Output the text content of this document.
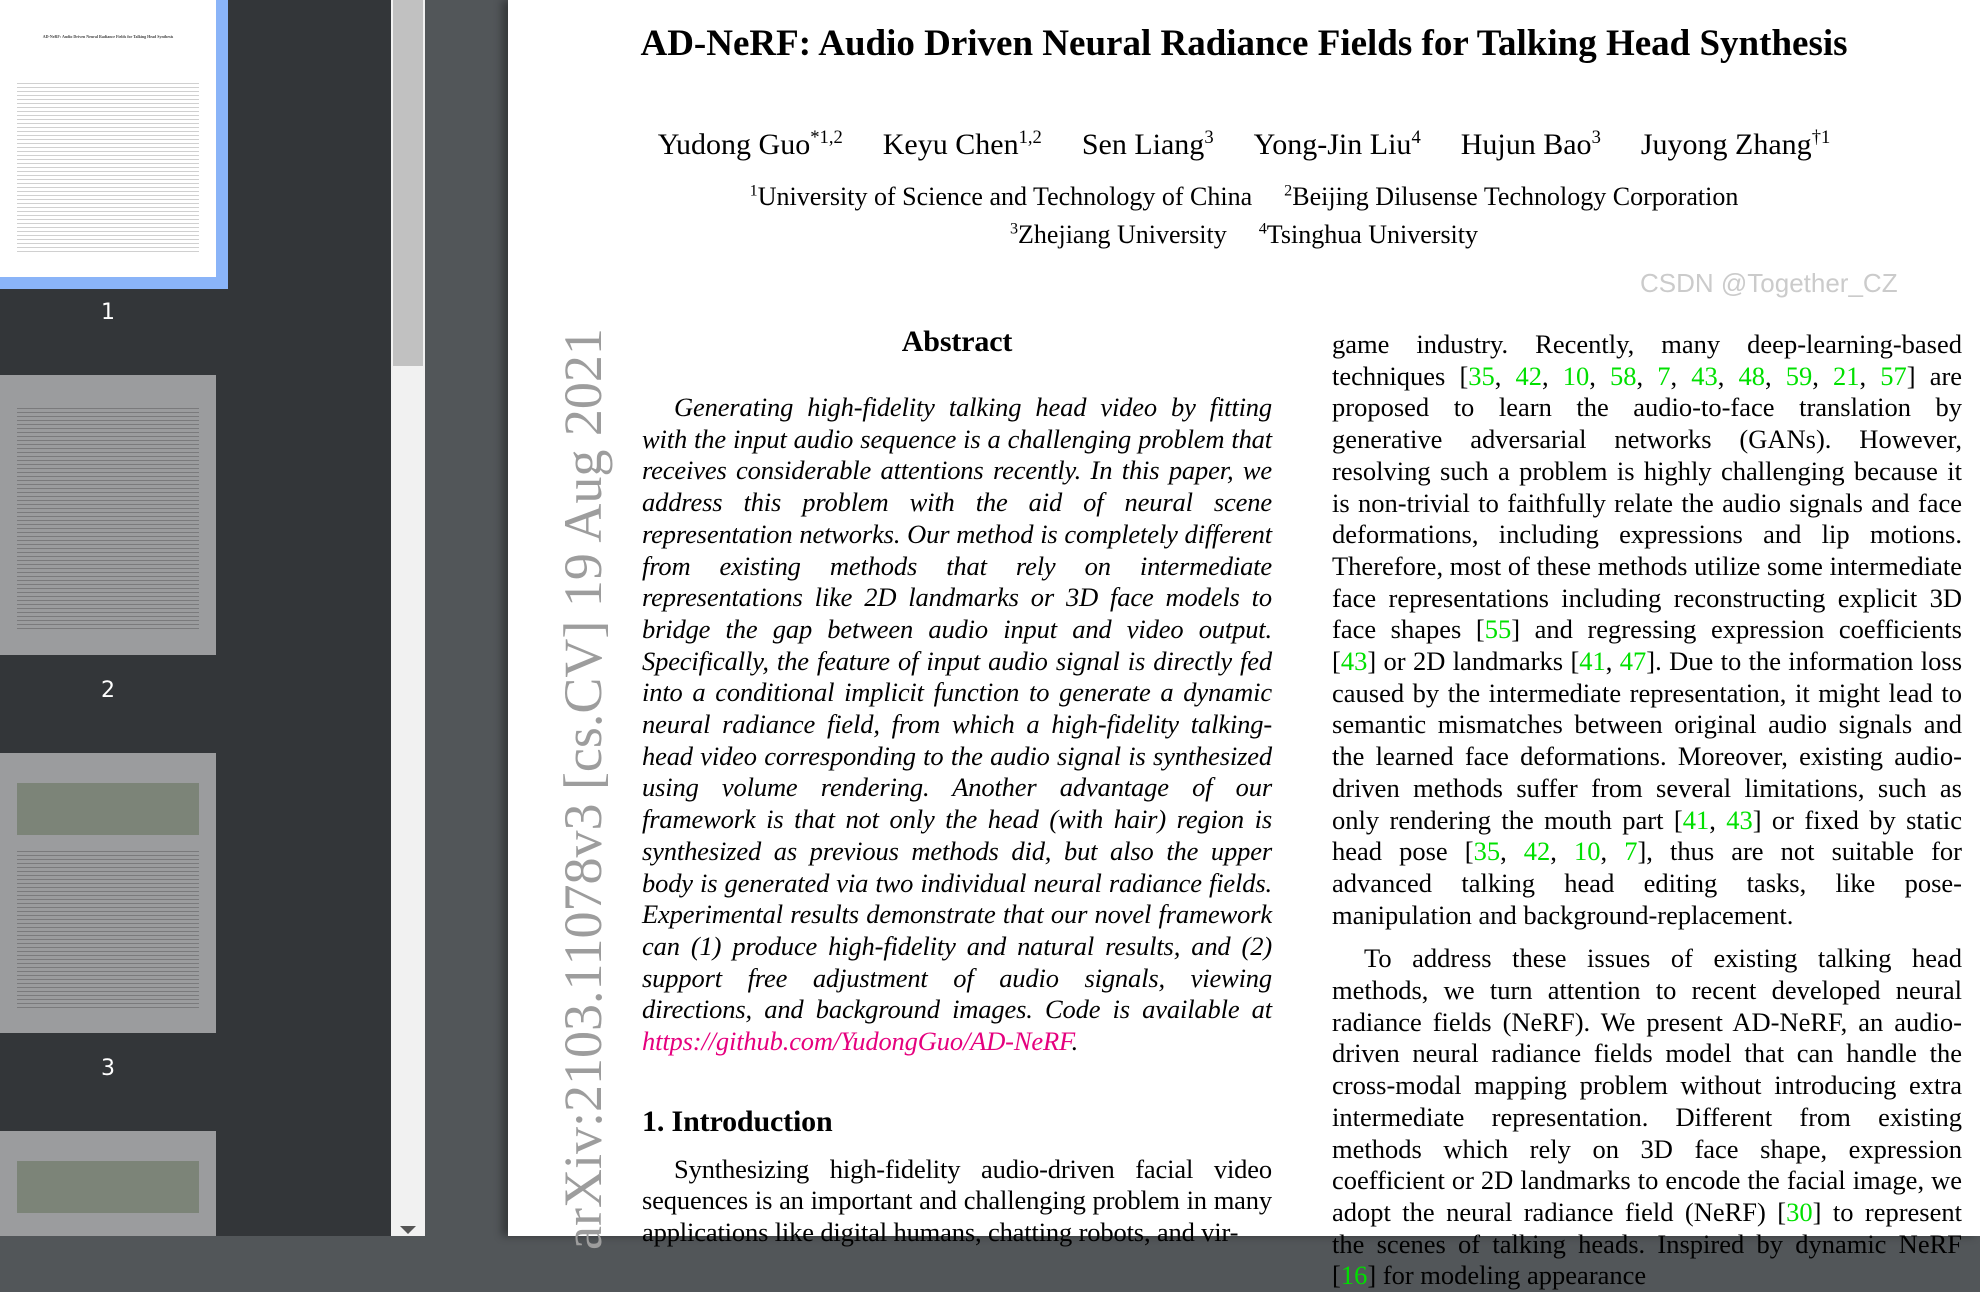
AD-NeRF: Audio Driven Neural Radiance Fields for Talking Head Synthesis
1
2
3
AD-NeRF: Audio Driven Neural Radiance Fields for Talking Head Synthesis
Yudong Guo$^{*1,2}$ Keyu Chen$^{1,2}$ Sen Liang$^3$ Yong-Jin Liu$^4$ Hujun Bao$^3$ Juyong Zhang$^{\dagger 1}$
$^1$University of Science and Technology of China $^2$Beijing Dilusense Technology Corporation
$^3$Zhejiang University $^4$Tsinghua University
arXiv:2103.11078v3 [cs.CV] 19 Aug 2021	Abstract

Generating high-fidelity talking head video by fitting with the input audio sequence is a challenging problem that receives considerable attentions recently. In this paper, we address this problem with the aid of neural scene representation networks. Our method is completely different from existing methods that rely on intermediate representations like 2D landmarks or 3D face models to bridge the gap between audio input and video output. Specifically, the feature of input audio signal is directly fed into a conditional implicit function to generate a dynamic neural radiance field, from which a high-fidelity talking-head video corresponding to the audio signal is synthesized using volume rendering. Another advantage of our framework is that not only the head (with hair) region is synthesized as previous methods did, but also the upper body is generated via two individual neural radiance fields. Experimental results demonstrate that our novel framework can (1) produce high-fidelity and natural results, and (2) support free adjustment of audio signals, viewing directions, and background images. Code is available at https://github.com/YudongGuo/AD-NeRF.

1. Introduction

Synthesizing high-fidelity audio-driven facial video sequences is an important and challenging problem in many applications like digital humans, chatting robots, and vir-

game industry. Recently, many deep-learning-based techniques [35, 42, 10, 58, 7, 43, 48, 59, 21, 57] are proposed to learn the audio-to-face translation by generative adversarial networks (GANs). However, resolving such a problem is highly challenging because it is non-trivial to faithfully relate the audio signals and face deformations, including expressions and lip motions. Therefore, most of these methods utilize some intermediate face representations including reconstructing explicit 3D face shapes [55] and regressing expression coefficients [43] or 2D landmarks [41, 47]. Due to the information loss caused by the intermediate representation, it might lead to semantic mismatches between original audio signals and the learned face deformations. Moreover, existing audio-driven methods suffer from several limitations, such as only rendering the mouth part [41, 43] or fixed by static head pose [35, 42, 10, 7], thus are not suitable for advanced talking head editing tasks, like pose-manipulation and background-replacement.

To address these issues of existing talking head methods, we turn attention to recent developed neural radiance fields (NeRF). We present AD-NeRF, an audio-driven neural radiance fields model that can handle the cross-modal mapping problem without introducing extra intermediate representation. Different from existing methods which rely on 3D face shape, expression coefficient or 2D landmarks to encode the facial image, we adopt the neural radiance field (NeRF) [30] to represent the scenes of talking heads. Inspired by dynamic NeRF [16] for modeling appearance

CSDN @Together_CZ
